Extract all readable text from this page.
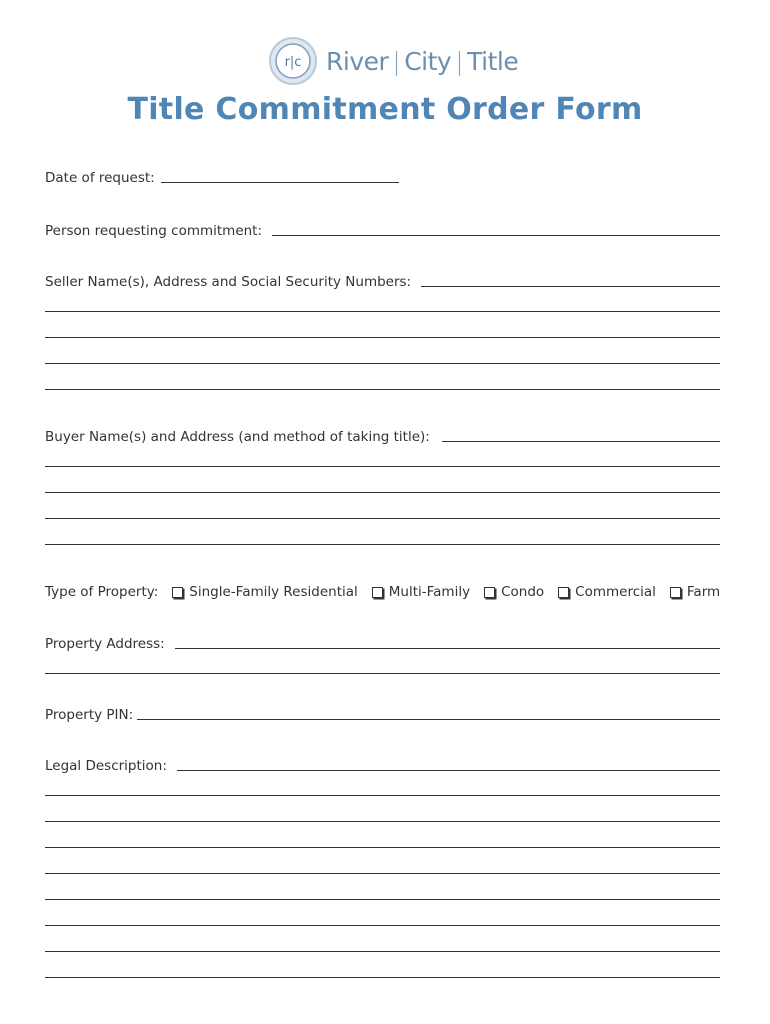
r|c River | City | Title
Title Commitment Order Form
Date of request:
Person requesting commitment:
Seller Name(s), Address and Social Security Numbers:
Buyer Name(s) and Address (and method of taking title):
Type of Property: Single-Family Residential Multi-Family Condo Commercial Farm
Property Address:
Property PIN:
Legal Description:
